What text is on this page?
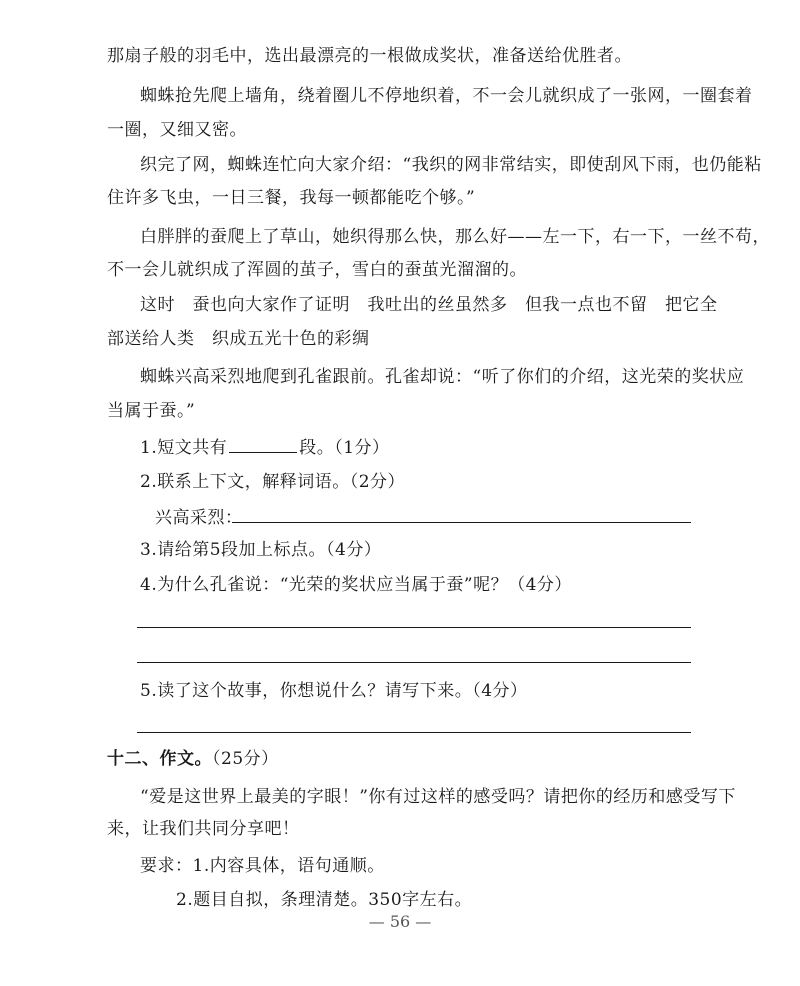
那扇子般的羽毛中，选出最漂亮的一根做成奖状，准备送给优胜者。
蜘蛛抢先爬上墙角，绕着圈儿不停地织着，不一会儿就织成了一张网，一圈套着
一圈，又细又密。
织完了网，蜘蛛连忙向大家介绍：“我织的网非常结实，即使刮风下雨，也仍能粘
住许多飞虫，一日三餐，我每一顿都能吃个够。”
白胖胖的蚕爬上了草山，她织得那么快，那么好——左一下，右一下，一丝不苟，
不一会儿就织成了浑圆的茧子，雪白的蚕茧光溜溜的。
这时　蚕也向大家作了证明　我吐出的丝虽然多　但我一点也不留　把它全
部送给人类　织成五光十色的彩绸
蜘蛛兴高采烈地爬到孔雀跟前。孔雀却说：“听了你们的介绍，这光荣的奖状应
当属于蚕。”
1.短文共有	段。（1分）
2.联系上下文，解释词语。（2分）
兴高采烈：
3.请给第5段加上标点。（4分）
4.为什么孔雀说：“光荣的奖状应当属于蚕”呢？（4分）
5.读了这个故事，你想说什么？请写下来。（4分）
十二、作文。（25分）
“爱是这世界上最美的字眼！”你有过这样的感受吗？请把你的经历和感受写下
来，让我们共同分享吧！
要求：1.内容具体，语句通顺。
2.题目自拟，条理清楚。350字左右。
— 56 —
